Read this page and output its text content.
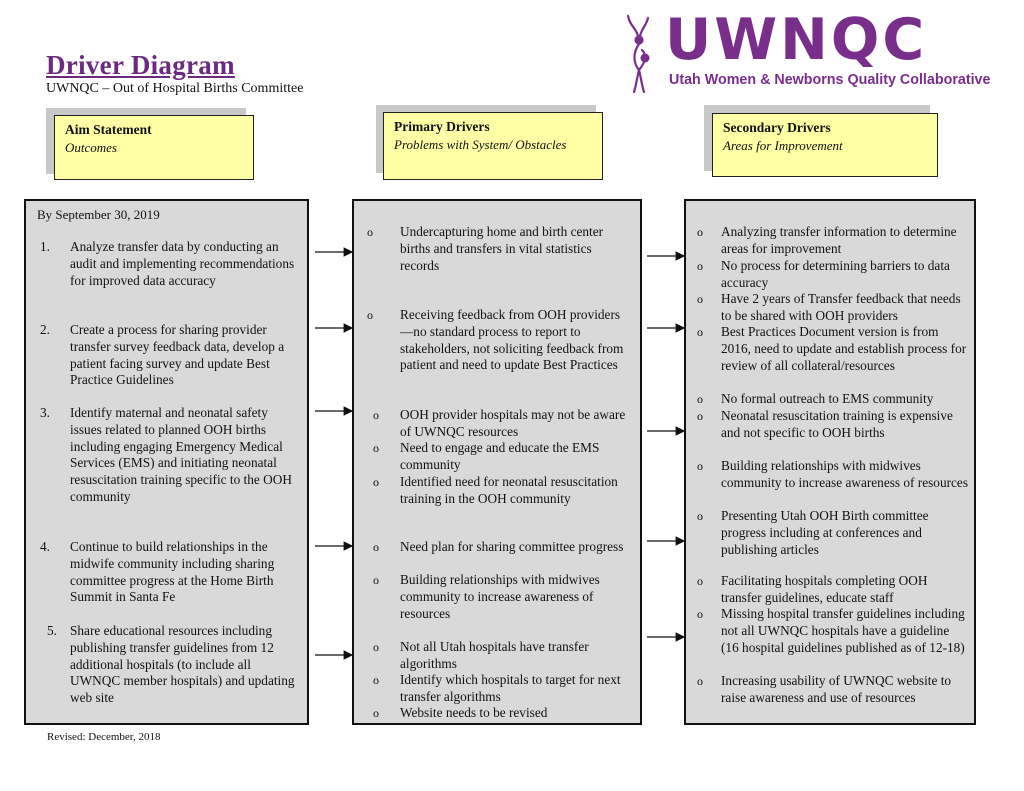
Driver Diagram
UWNQC – Out of Hospital Births Committee
UWNQC
Utah Women & Newborns Quality Collaborative
Aim Statement
Outcomes
Primary Drivers
Problems with System/ Obstacles
Secondary Drivers
Areas for Improvement
By September 30, 2019
1. Analyze transfer data by conducting an audit and implementing recommendations for improved data accuracy
2. Create a process for sharing provider transfer survey feedback data, develop a patient facing survey and update Best Practice Guidelines
3. Identify maternal and neonatal safety issues related to planned OOH births including engaging Emergency Medical Services (EMS) and initiating neonatal resuscitation training specific to the OOH community
4. Continue to build relationships in the midwife community including sharing committee progress at the Home Birth Summit in Santa Fe
5. Share educational resources including publishing transfer guidelines from 12 additional hospitals (to include all UWNQC member hospitals) and updating web site
o Undercapturing home and birth center births and transfers in vital statistics records
o Receiving feedback from OOH providers—no standard process to report to stakeholders, not soliciting feedback from patient and need to update Best Practices
o OOH provider hospitals may not be aware of UWNQC resources
o Need to engage and educate the EMS community
o Identified need for neonatal resuscitation training in the OOH community
o Need plan for sharing committee progress
o Building relationships with midwives community to increase awareness of resources
o Not all Utah hospitals have transfer algorithms
o Identify which hospitals to target for next transfer algorithms
o Website needs to be revised
o Analyzing transfer information to determine areas for improvement
o No process for determining barriers to data accuracy
o Have 2 years of Transfer feedback that needs to be shared with OOH providers
o Best Practices Document version is from 2016, need to update and establish process for review of all collateral/resources
o No formal outreach to EMS community
o Neonatal resuscitation training is expensive and not specific to OOH births
o Building relationships with midwives community to increase awareness of resources
o Presenting Utah OOH Birth committee progress including at conferences and publishing articles
o Facilitating hospitals completing OOH transfer guidelines, educate staff
o Missing hospital transfer guidelines including not all UWNQC hospitals have a guideline (16 hospital guidelines published as of 12-18)
o Increasing usability of UWNQC website to raise awareness and use of resources
Revised: December, 2018
